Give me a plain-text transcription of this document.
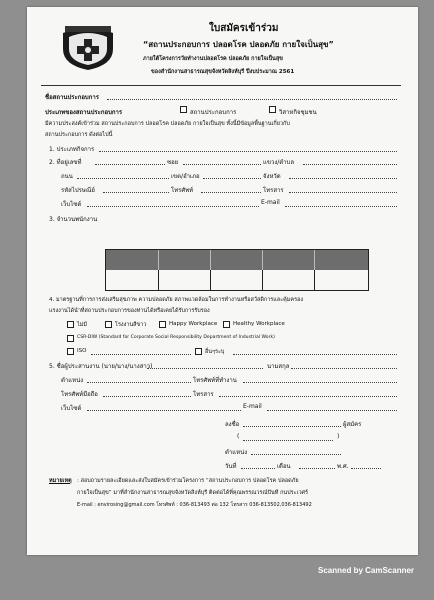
ใบสมัครเข้าร่วม
“สถานประกอบการ ปลอดโรค ปลอดภัย กายใจเป็นสุข”
ภายใต้โครงการวัยทำงานปลอดโรค ปลอดภัย กายใจเป็นสุข
ของสำนักงานสาธารณสุขจังหวัดสิงห์บุรี ปีงบประมาณ 2561
ชื่อสถานประกอบการ
ประเภทของสถานประกอบการ	สถานประกอบการ	วิสาหกิจชุมชน
มีความประสงค์เข้าร่วม สถานประกอบการ ปลอดโรค ปลอดภัย กายใจเป็นสุข ทั้งนี้มีข้อมูลพื้นฐานเกี่ยวกับ
สถานประกอบการ ดังต่อไปนี้
1. ประเภทกิจการ
2. ที่อยู่เลขที่	ซอย	แขวง/ตำบล
ถนน	เขต/อำเภอ	จังหวัด
รหัสไปรษณีย์	โทรศัพท์	โทรสาร
เว็บไซต์	E-mail
3. จำนวนพนักงาน
4. มาตรฐานที่การการส่งเสริมสุขภาพ ความปลอดภัย สภาพแวดล้อมในการทำงานหรือสวัสดิการและคุ้มครอง
แรงงานได้นำที่สถานประกอบการของท่านได้หรือเคยได้รับการรับรอง
ไม่มี	โรงงานสีขาว	Happy Workplace	Healthy Workplace
CSR-DIW (Standard for Corporate Social Responsibility Department of Industrial Work)
ISO	อื่นๆระบุ
5. ชื่อผู้ประสานงาน (นาย/นาง/นางสาว)	นามสกุล
ตำแหน่ง	โทรศัพท์ที่ทำงาน
โทรศัพท์มือถือ	โทรสาร
เว็บไซต์	E-mail
ลงชื่อ	ผู้สมัคร
(	)
ตำแหน่ง
วันที่	เดือน	พ.ศ.
หมายเหตุ : สอบถามรายละเอียดและส่งใบสมัครเข้าร่วมโครงการ “สถานประกอบการ ปลอดโรค ปลอดภัย
กายใจเป็นสุข” มาที่สำนักงานสาธารณสุขจังหวัดสิงห์บุรี ติดต่อได้ที่คุณพรรณวรณ์ปันที กนประเวศร์
E-mail : envirosing@gmail.com โทรศัพท์ : 036-813493 ต่อ 132 โทรสาร 036-813502,036-813492
Scanned by CamScanner
